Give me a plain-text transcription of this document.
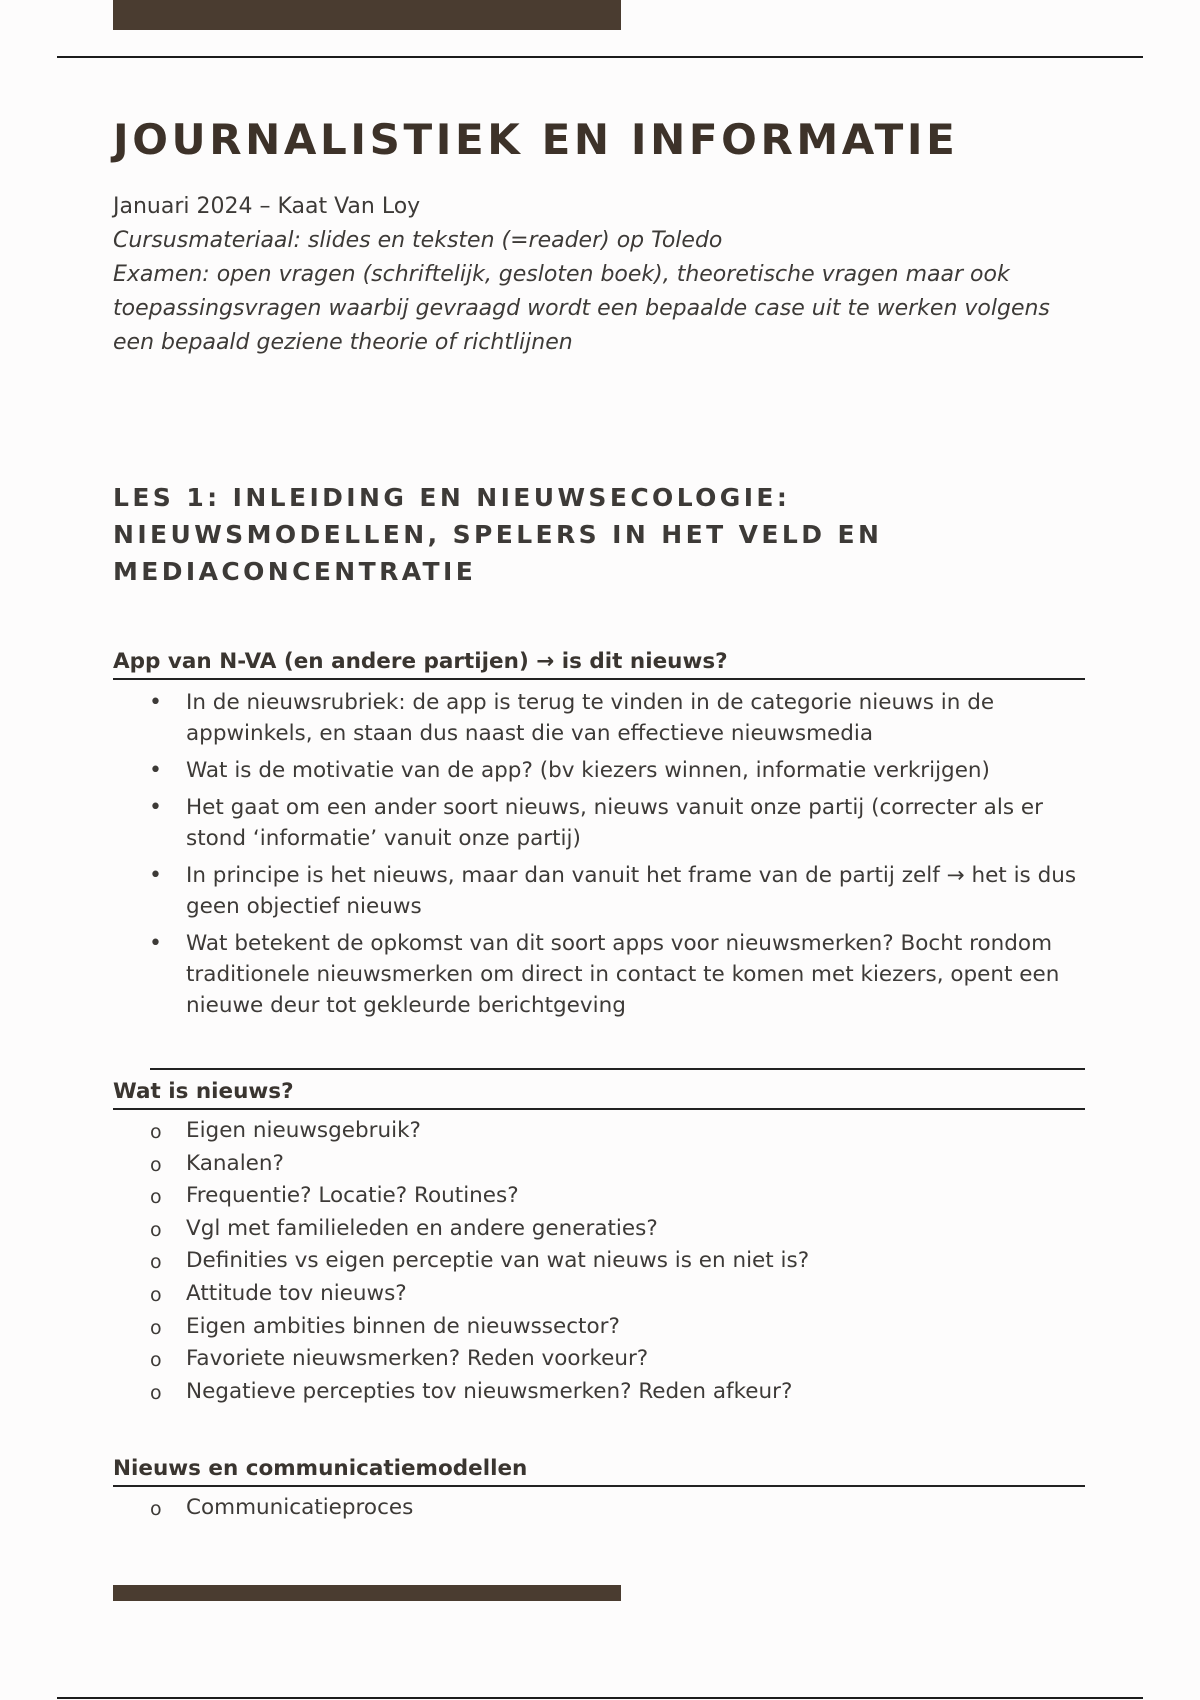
JOURNALISTIEK EN INFORMATIE
Januari 2024 – Kaat Van Loy
Cursusmateriaal: slides en teksten (=reader) op Toledo
Examen: open vragen (schriftelijk, gesloten boek), theoretische vragen maar ook toepassingsvragen waarbij gevraagd wordt een bepaalde case uit te werken volgens een bepaald geziene theorie of richtlijnen
LES 1: INLEIDING EN NIEUWSECOLOGIE: NIEUWSMODELLEN, SPELERS IN HET VELD EN MEDIACONCENTRATIE
App van N-VA (en andere partijen) → is dit nieuws?
• In de nieuwsrubriek: de app is terug te vinden in de categorie nieuws in de appwinkels, en staan dus naast die van effectieve nieuwsmedia
• Wat is de motivatie van de app? (bv kiezers winnen, informatie verkrijgen)
• Het gaat om een ander soort nieuws, nieuws vanuit onze partij (correcter als er stond ‘informatie’ vanuit onze partij)
• In principe is het nieuws, maar dan vanuit het frame van de partij zelf → het is dus geen objectief nieuws
• Wat betekent de opkomst van dit soort apps voor nieuwsmerken? Bocht rondom traditionele nieuwsmerken om direct in contact te komen met kiezers, opent een nieuwe deur tot gekleurde berichtgeving
Wat is nieuws?
o Eigen nieuwsgebruik?
o Kanalen?
o Frequentie? Locatie? Routines?
o Vgl met familieleden en andere generaties?
o Definities vs eigen perceptie van wat nieuws is en niet is?
o Attitude tov nieuws?
o Eigen ambities binnen de nieuwssector?
o Favoriete nieuwsmerken? Reden voorkeur?
o Negatieve percepties tov nieuwsmerken? Reden afkeur?
Nieuws en communicatiemodellen
o Communicatieproces
